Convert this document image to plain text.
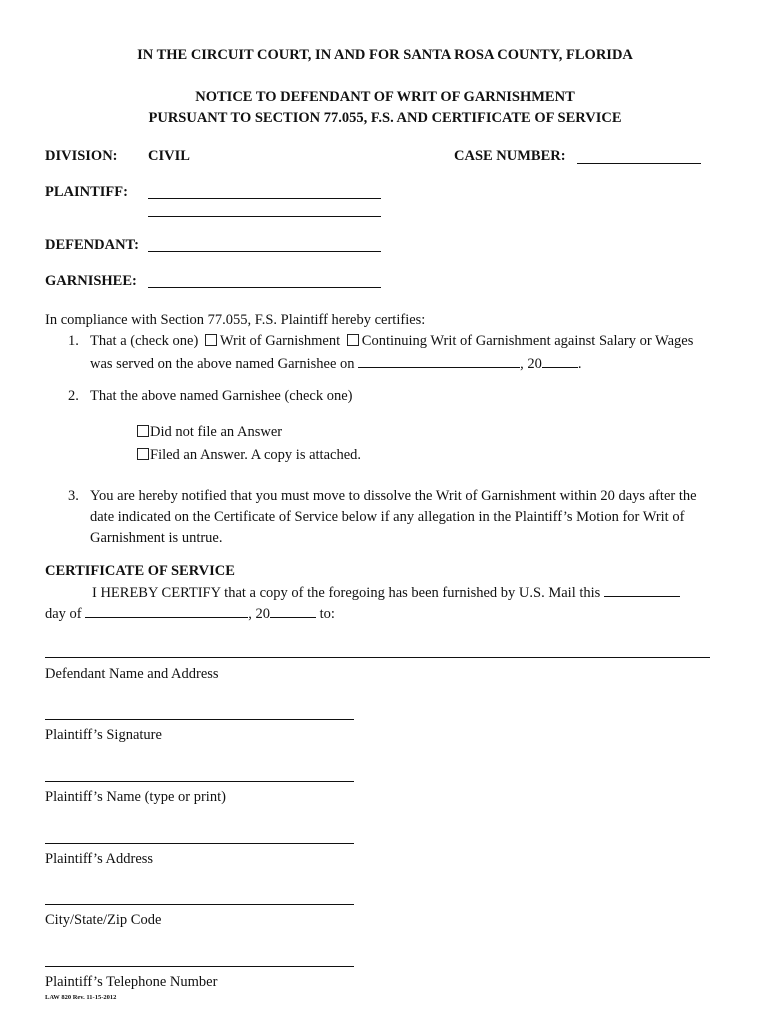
IN THE CIRCUIT COURT, IN AND FOR SANTA ROSA COUNTY, FLORIDA
NOTICE TO DEFENDANT OF WRIT OF GARNISHMENT
PURSUANT TO SECTION 77.055, F.S. AND CERTIFICATE OF SERVICE
DIVISION: CIVIL	CASE NUMBER:
PLAINTIFF:
DEFENDANT:
GARNISHEE:
In compliance with Section 77.055, F.S. Plaintiff hereby certifies:
1. That a (check one) Writ of Garnishment Continuing Writ of Garnishment against Salary or Wages
was served on the above named Garnishee on	, 20 .
2. That the above named Garnishee (check one)
Did not file an Answer
Filed an Answer. A copy is attached.
3. You are hereby notified that you must move to dissolve the Writ of Garnishment within 20 days after the
date indicated on the Certificate of Service below if any allegation in the Plaintiff’s Motion for Writ of
Garnishment is untrue.
CERTIFICATE OF SERVICE
I HEREBY CERTIFY that a copy of the foregoing has been furnished by U.S. Mail this
day of	, 20	to:
Defendant Name and Address
Plaintiff’s Signature
Plaintiff’s Name (type or print)
Plaintiff’s Address
City/State/Zip Code
Plaintiff’s Telephone Number
LAW 820 Rev. 11-15-2012
